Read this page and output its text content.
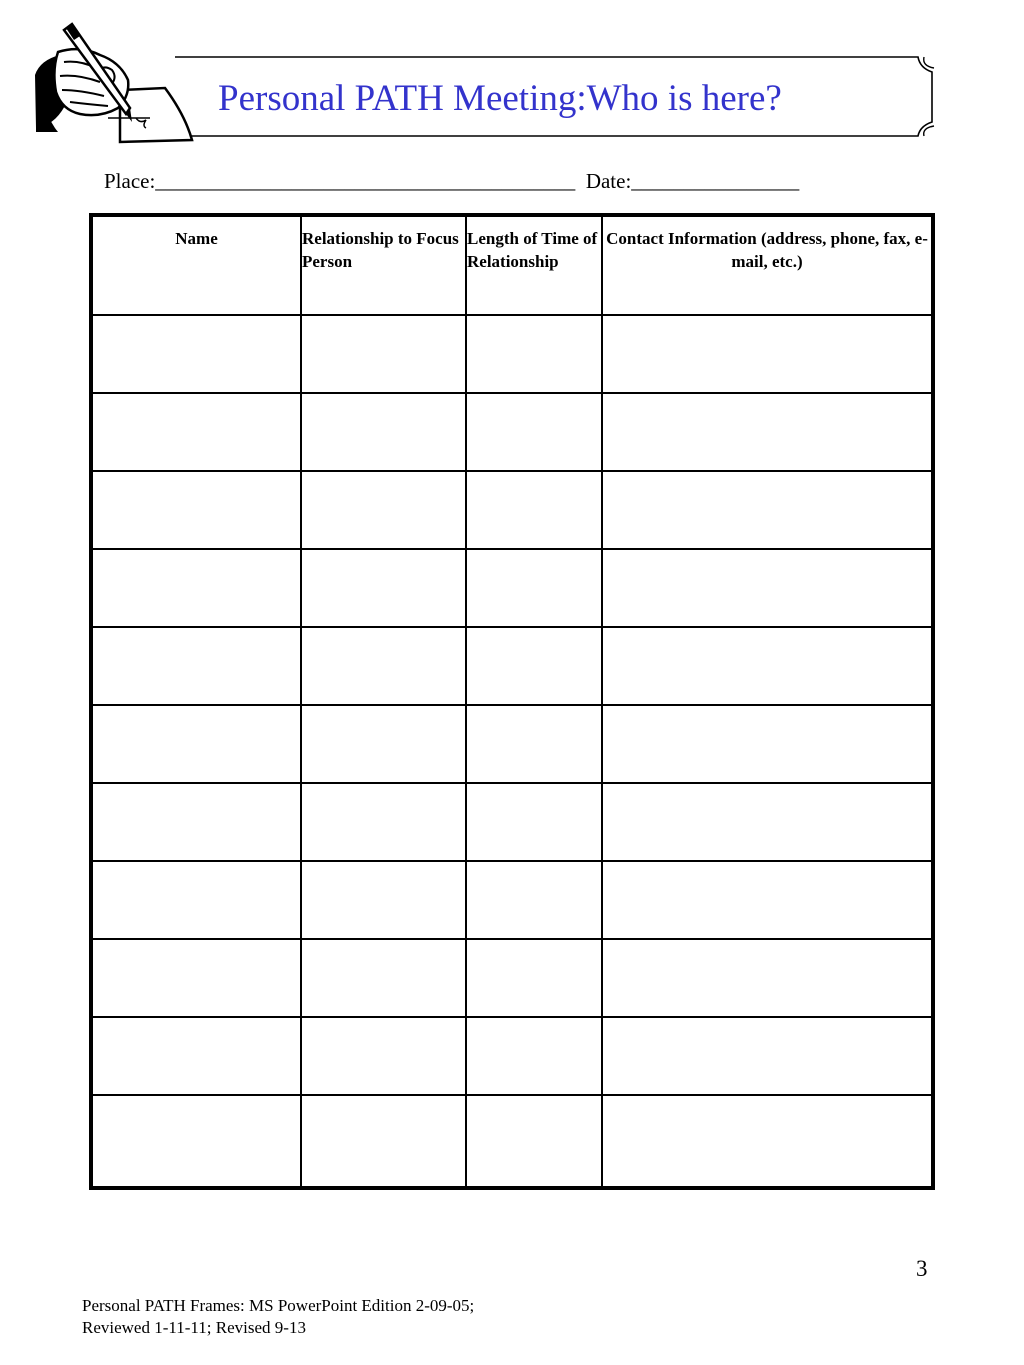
Personal PATH Meeting:Who is here?
Place:________________________________________ Date:________________
Name	Relationship to Focus Person	Length of Time of Relationship	Contact Information (address, phone, fax, e-mail, etc.)

3
Personal PATH Frames: MS PowerPoint Edition 2-09-05;
Reviewed 1-11-11; Revised 9-13
